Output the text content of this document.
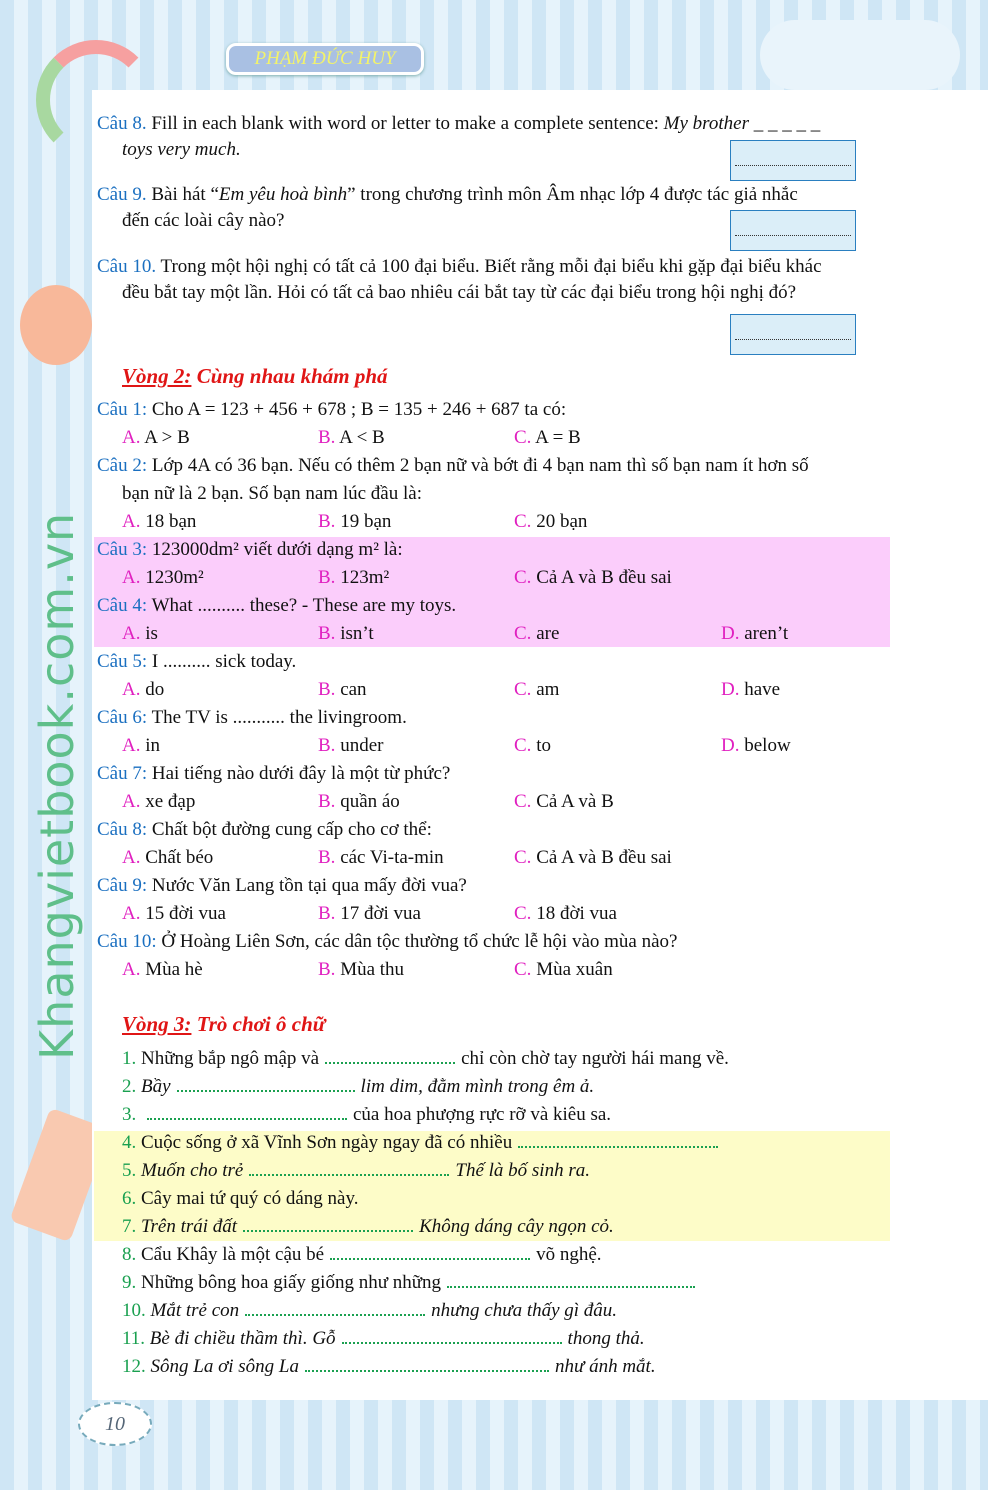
PHẠM ĐỨC HUY
Khangvietbook.com.vn
10
Câu 8. Fill in each blank with word or letter to make a complete sentence: My brother _ _ _ _ _
toys very much.
Câu 9. Bài hát “Em yêu hoà bình” trong chương trình môn Âm nhạc lớp 4 được tác giả nhắc
đến các loài cây nào?
Câu 10. Trong một hội nghị có tất cả 100 đại biểu. Biết rằng mỗi đại biểu khi gặp đại biểu khác
đều bắt tay một lần. Hỏi có tất cả bao nhiêu cái bắt tay từ các đại biểu trong hội nghị đó?
Vòng 2: Cùng nhau khám phá
Vòng 3: Trò chơi ô chữ
Câu 1: Cho A = 123 + 456 + 678 ; B = 135 + 246 + 687 ta có:
A. A > B	B. A < B	C. A = B
Câu 2: Lớp 4A có 36 bạn. Nếu có thêm 2 bạn nữ và bớt đi 4 bạn nam thì số bạn nam ít hơn số
bạn nữ là 2 bạn. Số bạn nam lúc đầu là:
A. 18 bạn	B. 19 bạn	C. 20 bạn
Câu 3: 123000dm² viết dưới dạng m² là:
A. 1230m²	B. 123m²	C. Cả A và B đều sai
Câu 4: What .......... these? - These are my toys.
A. is	B. isn’t	C. are	D. aren’t
Câu 5: I .......... sick today.
A. do	B. can	C. am	D. have
Câu 6: The TV is ........... the livingroom.
A. in	B. under	C. to	D. below
Câu 7: Hai tiếng nào dưới đây là một từ phức?
A. xe đạp	B. quần áo	C. Cả A và B
Câu 8: Chất bột đường cung cấp cho cơ thể:
A. Chất béo	B. các Vi-ta-min	C. Cả A và B đều sai
Câu 9: Nước Văn Lang tồn tại qua mấy đời vua?
A. 15 đời vua	B. 17 đời vua	C. 18 đời vua
Câu 10: Ở Hoàng Liên Sơn, các dân tộc thường tổ chức lễ hội vào mùa nào?
A. Mùa hè	B. Mùa thu	C. Mùa xuân
1. Những bắp ngô mập và	chỉ còn chờ tay người hái mang về.
2. Bầy	lim dim, đằm mình trong êm ả.
3.	của hoa phượng rực rỡ và kiêu sa.
4. Cuộc sống ở xã Vĩnh Sơn ngày ngay đã có nhiều
5. Muốn cho trẻ	Thế là bố sinh ra.
6. Cây mai tứ quý có dáng này.
7. Trên trái đất	Không dáng cây ngọn cỏ.
8. Cẩu Khây là một cậu bé	võ nghệ.
9. Những bông hoa giấy giống như những
10. Mắt trẻ con	nhưng chưa thấy gì đâu.
11. Bè đi chiều thầm thì. Gỗ	thong thả.
12. Sông La ơi sông La	như ánh mắt.
